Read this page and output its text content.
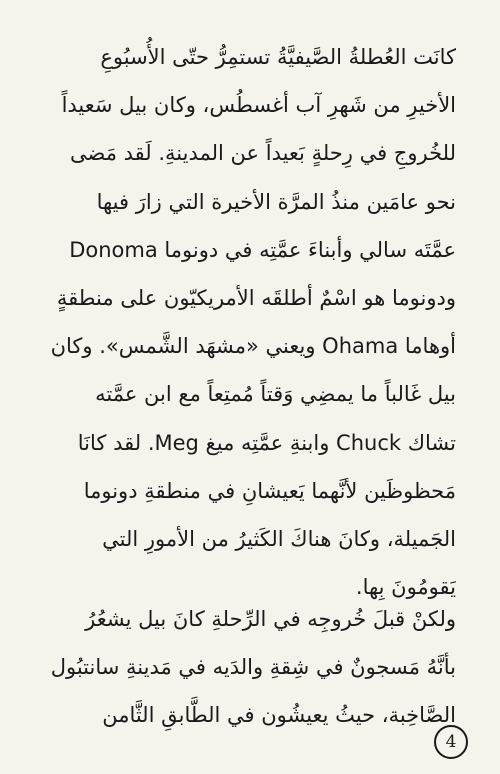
كانَت العُطلةُ الصَّيفيَّةُ تستمِرُّ حتّى الأُسبُوعِ
الأخيرِ من شَهرِ آب أغسطُس، وكان بيل سَعيداً
للخُروجِ في رِحلةٍ بَعيداً عن المدينةِ. لَقد مَضى
نحو عامَين منذُ المرَّة الأخيرة التي زارَ فيها
عمَّتَه سالي وأبناءَ عمَّتِه في دونوما Donoma
ودونوما هو اسْمٌ أطلقَه الأمريكيّون على منطقةٍ
أوهاما Ohama ويعني «مشهَد الشَّمس». وكان
بيل غَالباً ما يمضِي وَقتاً مُمتِعاً مع ابن عمَّته
تشاك Chuck وابنةِ عمَّتِه ميغ Meg. لقد كانَا
مَحظوظَين لأنَّهما يَعيشانِ في منطقةِ دونوما
الجَميلة، وكانَ هناكَ الكَثيرُ من الأمورِ التي
يَقومُونَ بِها.
ولكنْ قبلَ خُروجِه في الرِّحلةِ كانَ بيل يشعُرُ
بأنَّهُ مَسجونٌ في شِقةِ والدَيه في مَدينةِ سانتبُول
الصَّاخِبة، حيثُ يعيشُون في الطَّابقِ الثَّامن
4
